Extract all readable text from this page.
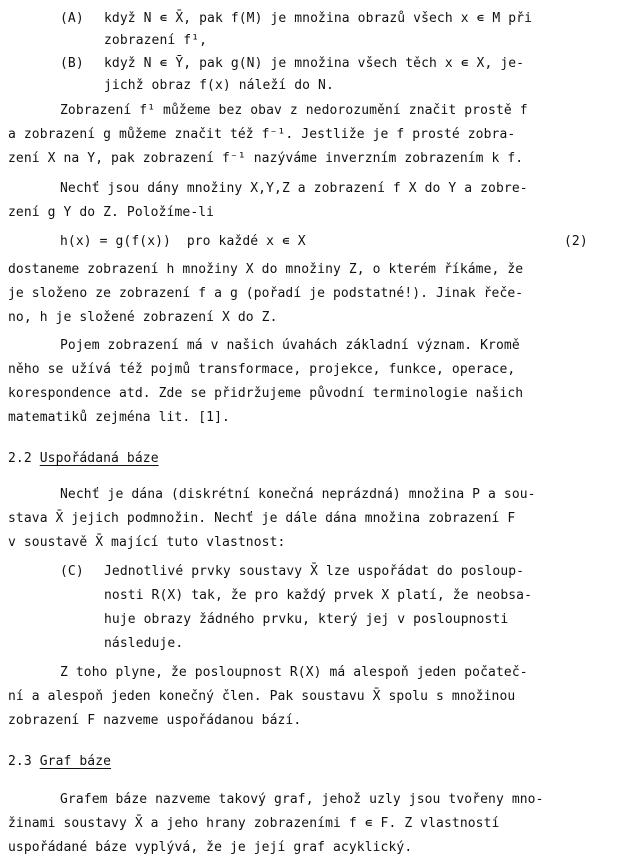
(A) když N ∊ X̄, pak f(M) je množina obrazů všech x ∊ M při
zobrazení f¹,
(B) když N ∊ Ȳ, pak g(N) je množina všech těch x ∊ X, je-
jichž obraz f(x) náleží do N.
Zobrazení f¹ můžeme bez obav z nedorozumění značit prostě f
a zobrazení g můžeme značit též f⁻¹. Jestliže je f prosté zobra-
zení X na Y, pak zobrazení f⁻¹ nazýváme inverzním zobrazením k f.
Nechť jsou dány množiny X,Y,Z a zobrazení f X do Y a zobre-
zení g Y do Z. Položíme-li
h(x) = g(f(x))  pro každé x ∊ X	(2)
dostaneme zobrazení h množiny X do množiny Z, o kterém říkáme, že
je složeno ze zobrazení f a g (pořadí je podstatné!). Jinak řeče-
no, h je složené zobrazení X do Z.
Pojem zobrazení má v našich úvahách základní význam. Kromě
něho se užívá též pojmů transformace, projekce, funkce, operace,
korespondence atd. Zde se přidržujeme původní terminologie našich
matematiků zejména lit. [1].
2.2 Uspořádaná báze
Nechť je dána (diskrétní konečná neprázdná) množina P a sou-
stava X̄ jejich podmnožin. Nechť je dále dána množina zobrazení F
v soustavě X̄ mající tuto vlastnost:
(C) Jednotlivé prvky soustavy X̄ lze uspořádat do posloup-
nosti R(X) tak, že pro každý prvek X platí, že neobsa-
huje obrazy žádného prvku, který jej v posloupnosti
následuje.
Z toho plyne, že posloupnost R(X) má alespoň jeden počateč-
ní a alespoň jeden konečný člen. Pak soustavu X̄ spolu s množinou
zobrazení F nazveme uspořádanou bází.
2.3 Graf báze
Grafem báze nazveme takový graf, jehož uzly jsou tvořeny mno-
žinami soustavy X̄ a jeho hrany zobrazeními f ∊ F. Z vlastností
uspořádané báze vyplývá, že je její graf acyklický.
